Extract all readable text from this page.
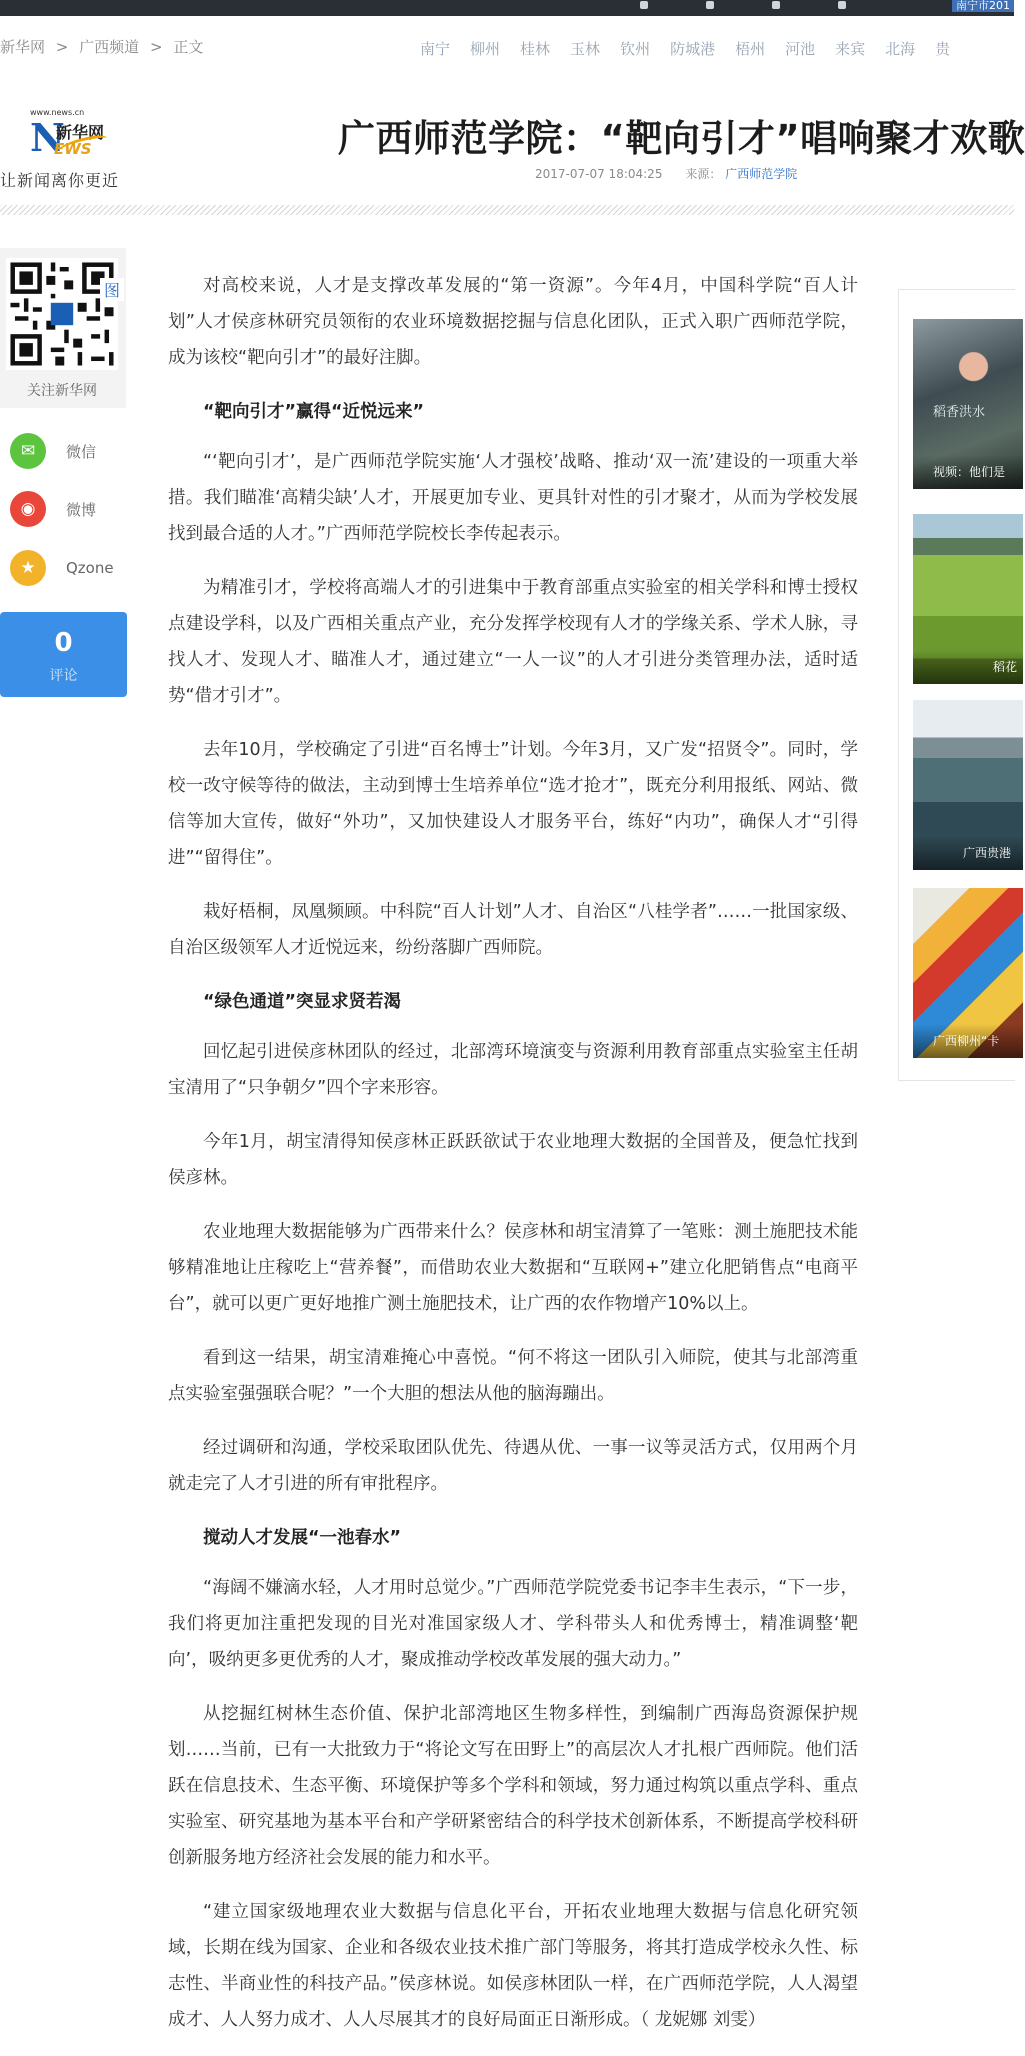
南宁市201
新华网 > 广西频道 > 正文	南宁 柳州 桂林 玉林 钦州 防城港 梧州 河池 来宾 北海 贵
www.news.cn
N
新华网
EWS
让新闻离你更近
广西师范学院：“靶向引才”唱响聚才欢歌
2017-07-07 18:04:25 来源： 广西师范学院
关注新华网
✉	微信
◉	微博
★	Qzone
0
评论

对高校来说，人才是支撑改革发展的“第一资源”。今年4月，中国科学院“百人计划”人才侯彦林研究员领衔的农业环境数据挖掘与信息化团队，正式入职广西师范学院，成为该校“靶向引才”的最好注脚。

“靶向引才”赢得“近悦远来”

“‘靶向引才’，是广西师范学院实施‘人才强校’战略、推动‘双一流’建设的一项重大举措。我们瞄准‘高精尖缺’人才，开展更加专业、更具针对性的引才聚才，从而为学校发展找到最合适的人才。”广西师范学院校长李传起表示。

为精准引才，学校将高端人才的引进集中于教育部重点实验室的相关学科和博士授权点建设学科，以及广西相关重点产业，充分发挥学校现有人才的学缘关系、学术人脉，寻找人才、发现人才、瞄准人才，通过建立“一人一议”的人才引进分类管理办法，适时适势“借才引才”。

去年10月，学校确定了引进“百名博士”计划。今年3月，又广发“招贤令”。同时，学校一改守候等待的做法，主动到博士生培养单位“选才抢才”，既充分利用报纸、网站、微信等加大宣传，做好“外功”，又加快建设人才服务平台，练好“内功”，确保人才“引得进”“留得住”。

栽好梧桐，凤凰频顾。中科院“百人计划”人才、自治区“八桂学者”……一批国家级、自治区级领军人才近悦远来，纷纷落脚广西师院。

“绿色通道”突显求贤若渴

回忆起引进侯彦林团队的经过，北部湾环境演变与资源利用教育部重点实验室主任胡宝清用了“只争朝夕”四个字来形容。

今年1月，胡宝清得知侯彦林正跃跃欲试于农业地理大数据的全国普及，便急忙找到侯彦林。

农业地理大数据能够为广西带来什么？侯彦林和胡宝清算了一笔账：测土施肥技术能够精准地让庄稼吃上“营养餐”，而借助农业大数据和“互联网+”建立化肥销售点“电商平台”，就可以更广更好地推广测土施肥技术，让广西的农作物增产10%以上。

看到这一结果，胡宝清难掩心中喜悦。“何不将这一团队引入师院，使其与北部湾重点实验室强强联合呢？”一个大胆的想法从他的脑海蹦出。

经过调研和沟通，学校采取团队优先、待遇从优、一事一议等灵活方式，仅用两个月就走完了人才引进的所有审批程序。

搅动人才发展“一池春水”

“海阔不嫌滴水轻，人才用时总觉少。”广西师范学院党委书记李丰生表示，“下一步，我们将更加注重把发现的目光对准国家级人才、学科带头人和优秀博士，精准调整‘靶向’，吸纳更多更优秀的人才，聚成推动学校改革发展的强大动力。”

从挖掘红树林生态价值、保护北部湾地区生物多样性，到编制广西海岛资源保护规划……当前，已有一大批致力于“将论文写在田野上”的高层次人才扎根广西师院。他们活跃在信息技术、生态平衡、环境保护等多个学科和领域，努力通过构筑以重点学科、重点实验室、研究基地为基本平台和产学研紧密结合的科学技术创新体系，不断提高学校科研创新服务地方经济社会发展的能力和水平。

“建立国家级地理农业大数据与信息化平台，开拓农业地理大数据与信息化研究领域，长期在线为国家、企业和各级农业技术推广部门等服务，将其打造成学校永久性、标志性、半商业性的科技产品。”侯彦林说。如侯彦林团队一样，在广西师范学院，人人渴望成才、人人努力成才、人人尽展其才的良好局面正日渐形成。（ 龙妮娜 刘雯）

稻香洪水
视频：他们是
稻花
广西贵港
广西柳州“卡
图
